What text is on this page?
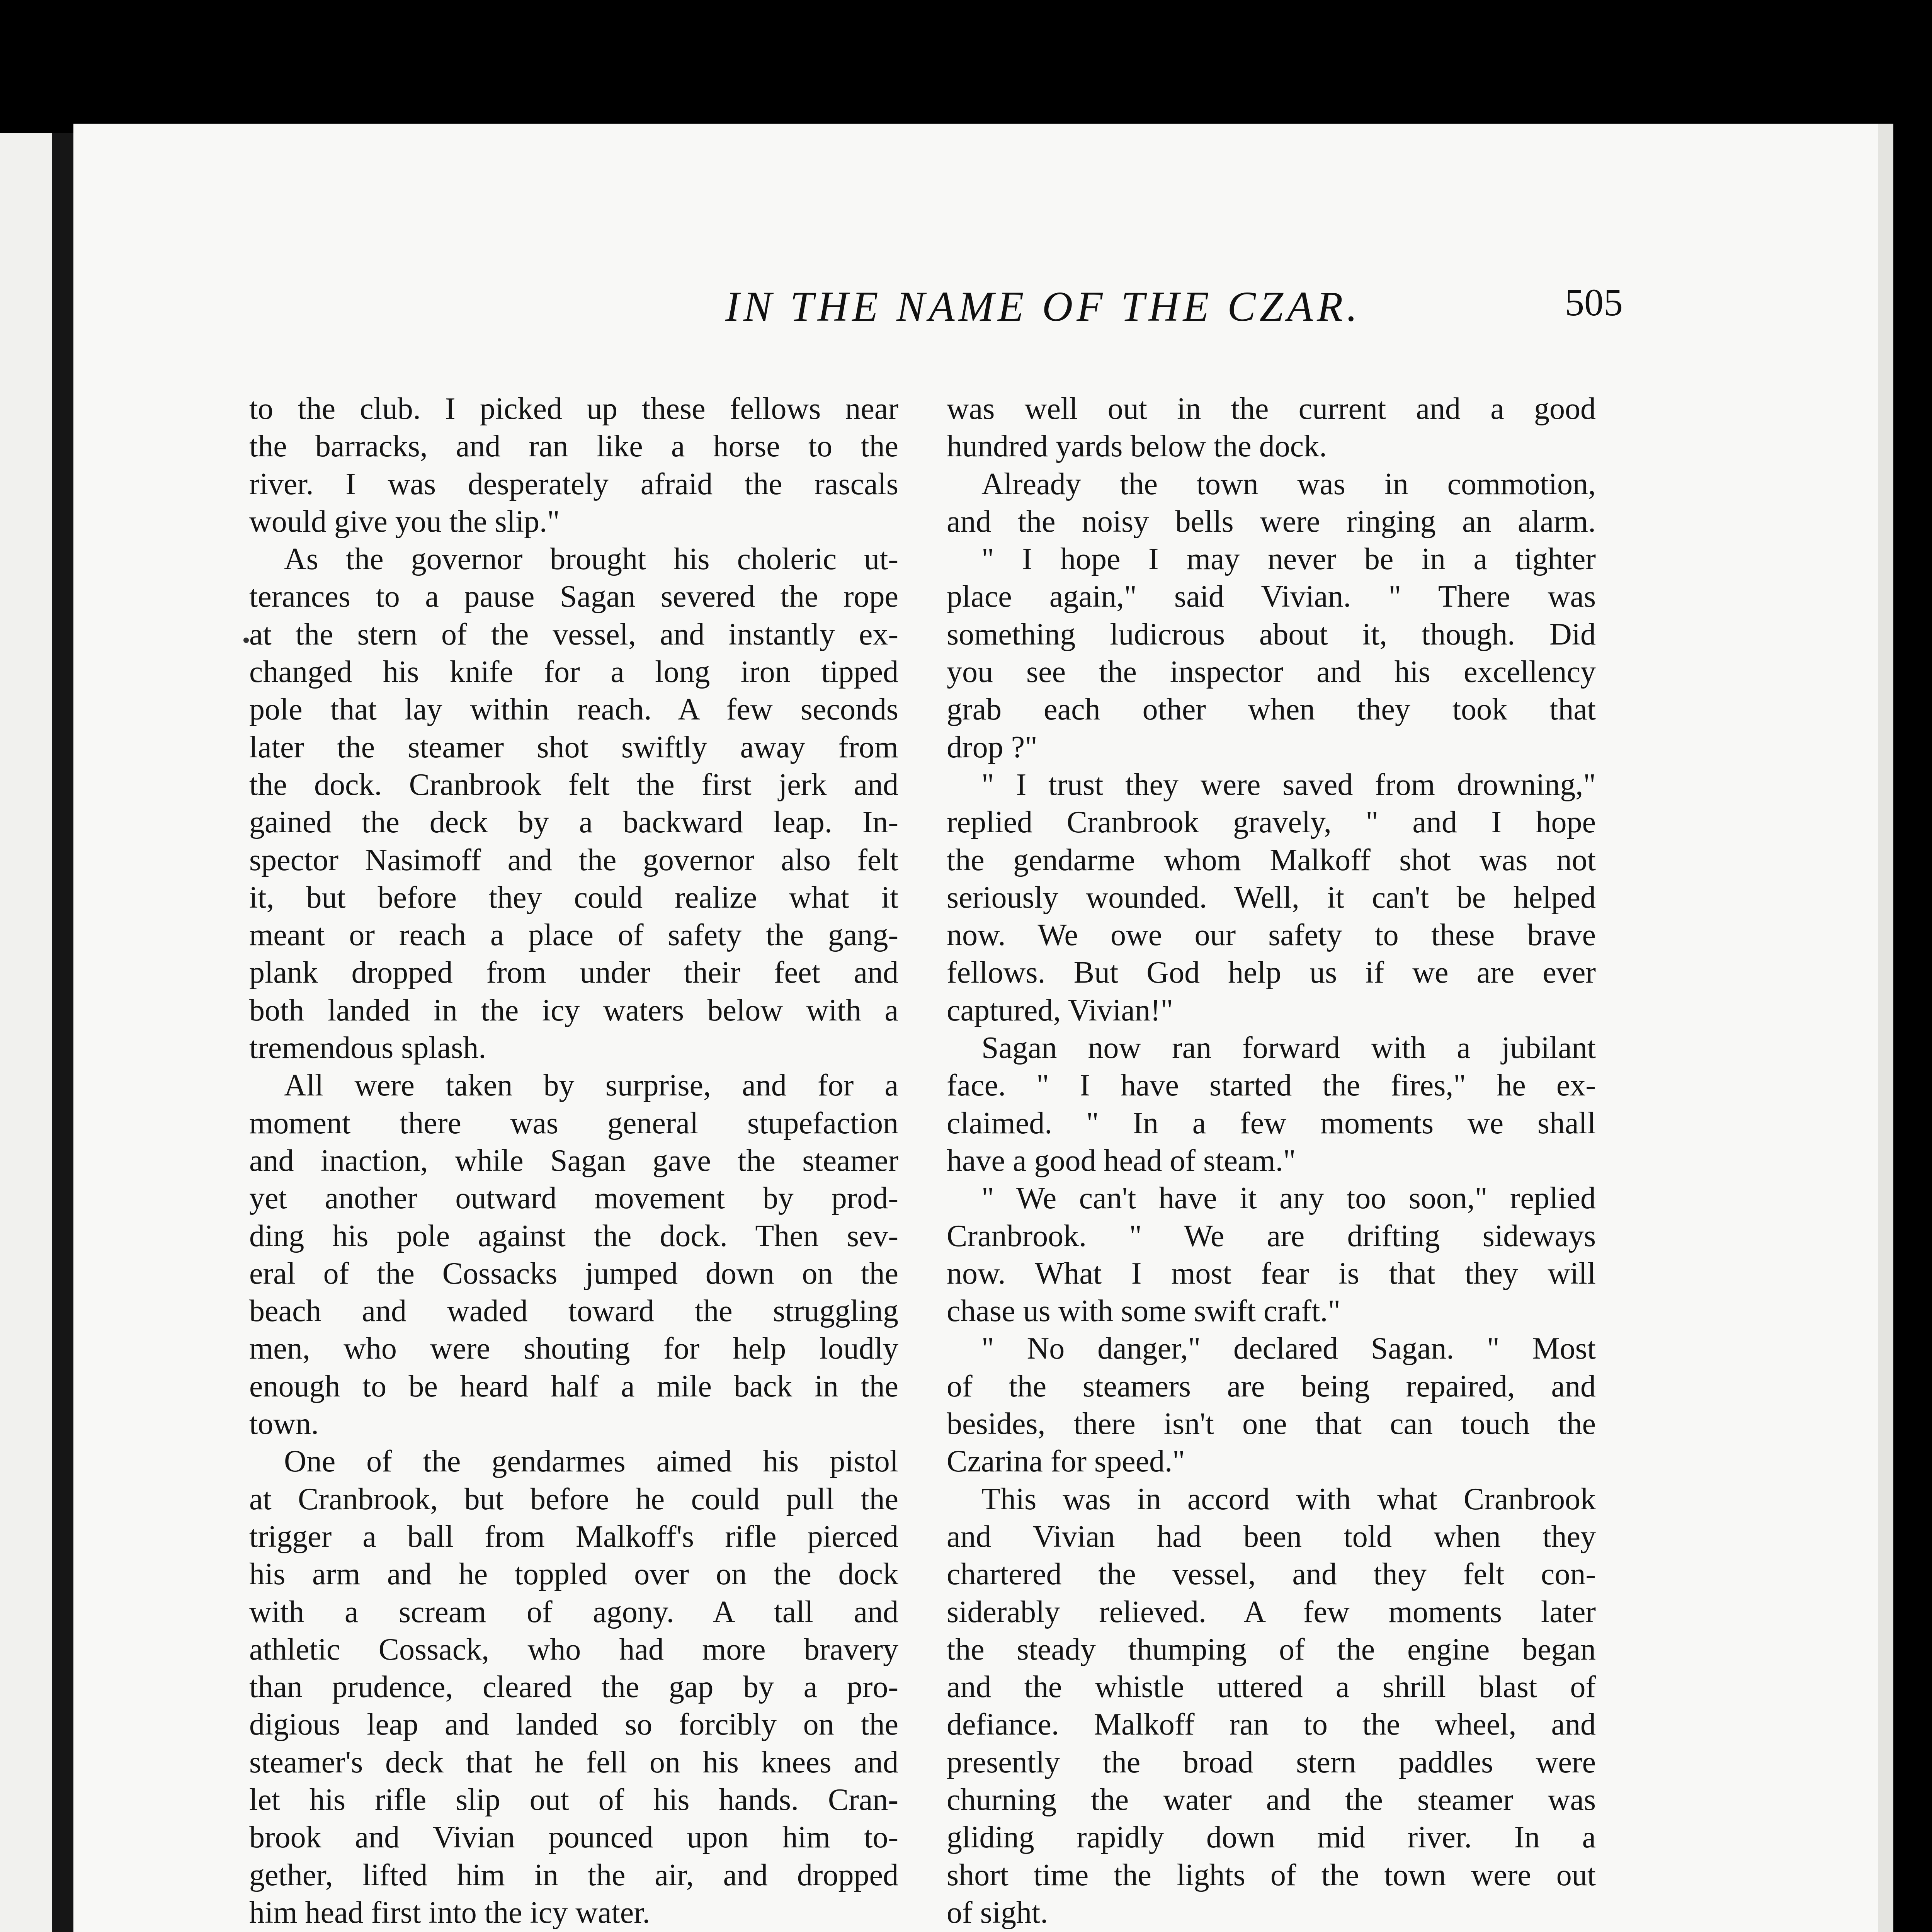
IN THE NAME OF THE CZAR.	505

to the club. I picked up these fellows near

the barracks, and ran like a horse to the

river. I was desperately afraid the rascals

would give you the slip."

As the governor brought his choleric ut-

terances to a pause Sagan severed the rope

at the stern of the vessel, and instantly ex-

changed his knife for a long iron tipped

pole that lay within reach. A few seconds

later the steamer shot swiftly away from

the dock. Cranbrook felt the first jerk and

gained the deck by a backward leap. In-

spector Nasimoff and the governor also felt

it, but before they could realize what it

meant or reach a place of safety the gang-

plank dropped from under their feet and

both landed in the icy waters below with a

tremendous splash.

All were taken by surprise, and for a

moment there was general stupefaction

and inaction, while Sagan gave the steamer

yet another outward movement by prod-

ding his pole against the dock. Then sev-

eral of the Cossacks jumped down on the

beach and waded toward the struggling

men, who were shouting for help loudly

enough to be heard half a mile back in the

town.

One of the gendarmes aimed his pistol

at Cranbrook, but before he could pull the

trigger a ball from Malkoff's rifle pierced

his arm and he toppled over on the dock

with a scream of agony. A tall and

athletic Cossack, who had more bravery

than prudence, cleared the gap by a pro-

digious leap and landed so forcibly on the

steamer's deck that he fell on his knees and

let his rifle slip out of his hands. Cran-

brook and Vivian pounced upon him to-

gether, lifted him in the air, and dropped

him head first into the icy water.

was well out in the current and a good

hundred yards below the dock.

Already the town was in commotion,

and the noisy bells were ringing an alarm.

" I hope I may never be in a tighter

place again," said Vivian. " There was

something ludicrous about it, though. Did

you see the inspector and his excellency

grab each other when they took that

drop ?"

" I trust they were saved from drowning,"

replied Cranbrook gravely, " and I hope

the gendarme whom Malkoff shot was not

seriously wounded. Well, it can't be helped

now. We owe our safety to these brave

fellows. But God help us if we are ever

captured, Vivian!"

Sagan now ran forward with a jubilant

face. " I have started the fires," he ex-

claimed. " In a few moments we shall

have a good head of steam."

" We can't have it any too soon," replied

Cranbrook. " We are drifting sideways

now. What I most fear is that they will

chase us with some swift craft."

" No danger," declared Sagan. " Most

of the steamers are being repaired, and

besides, there isn't one that can touch the

Czarina for speed."

This was in accord with what Cranbrook

and Vivian had been told when they

chartered the vessel, and they felt con-

siderably relieved. A few moments later

the steady thumping of the engine began

and the whistle uttered a shrill blast of

defiance. Malkoff ran to the wheel, and

presently the broad stern paddles were

churning the water and the steamer was

gliding rapidly down mid river. In a

short time the lights of the town were out

of sight.
